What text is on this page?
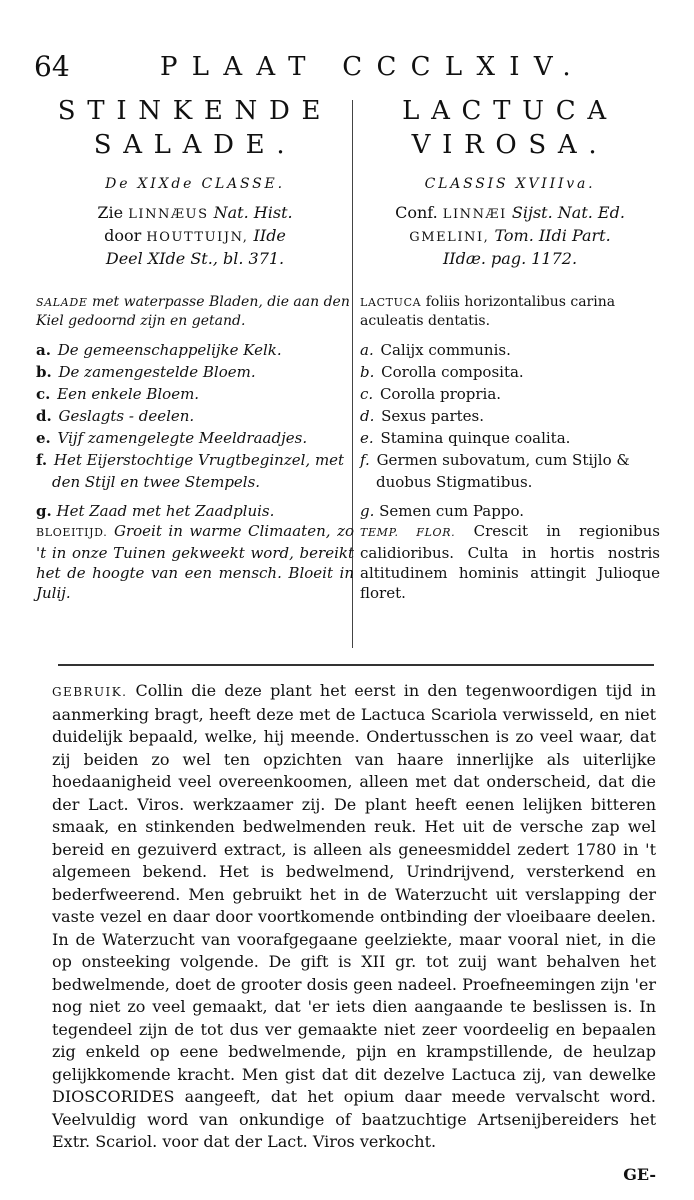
64	PLAAT CCCLXIV.
STINKENDE
SALADE.
De XIXde CLASSE.
Zie LINNÆUS Nat. Hist.
door HOUTTUIJN, IIde
Deel XIde St., bl. 371.
SALADE met waterpasse Bladen, die aan den Kiel gedoornd zijn en getand.
a. De gemeenschappelijke Kelk.
b. De zamengestelde Bloem.
c. Een enkele Bloem.
d. Geslagts - deelen.
e. Vijf zamengelegte Meeldraadjes.
f. Het Eijerstochtige Vrugtbeginzel, met den Stijl en twee Stempels.
g. Het Zaad met het Zaadpluis.
BLOEITIJD. Groeit in warme Climaaten, zo 't in onze Tuinen gekweekt word, bereikt het de hoogte van een mensch. Bloeit in Julij.
LACTUCA
VIROSA.
CLASSIS XVIIIva.
Conf. LINNÆI Sijst. Nat. Ed.
GMELINI, Tom. IIdi Part.
IIdæ. pag. 1172.
LACTUCA foliis horizontalibus carina aculeatis dentatis.
a. Calijx communis.
b. Corolla composita.
c. Corolla propria.
d. Sexus partes.
e. Stamina quinque coalita.
f. Germen subovatum, cum Stijlo & duobus Stigmatibus.
g. Semen cum Pappo.
TEMP. FLOR. Crescit in regionibus calidioribus. Culta in hortis nostris altitudinem hominis attingit Julioque floret.
GEBRUIK. Collin die deze plant het eerst in den tegenwoordigen tijd in aanmerking bragt, heeft deze met de Lactuca Scariola verwisseld, en niet duidelijk bepaald, welke, hij meende. Ondertusschen is zo veel waar, dat zij beiden zo wel ten opzichten van haare innerlijke als uiterlijke hoedaanigheid veel overeenkoomen, alleen met dat onderscheid, dat die der Lact. Viros. werkzaamer zij. De plant heeft eenen lelijken bitteren smaak, en stinkenden bedwelmenden reuk. Het uit de versche zap wel bereid en gezuiverd extract, is alleen als geneesmiddel zedert 1780 in 't algemeen bekend. Het is bedwelmend, Urindrijvend, versterkend en bederfweerend. Men gebruikt het in de Waterzucht uit verslapping der vaste vezel en daar door voortkomende ontbinding der vloeibaare deelen. In de Waterzucht van voorafgegaane geelziekte, maar vooral niet, in die op onsteeking volgende. De gift is XII gr. tot zuij want behalven het bedwelmende, doet de grooter dosis geen nadeel. Proefneemingen zijn 'er nog niet zo veel gemaakt, dat 'er iets dien aangaande te beslissen is. In tegendeel zijn de tot dus ver gemaakte niet zeer voordeelig en bepaalen zig enkeld op eene bedwelmende, pijn en krampstillende, de heulzap gelijkkomende kracht. Men gist dat dit dezelve Lactuca zij, van dewelke DIOSCORIDES aangeeft, dat het opium daar meede vervalscht word. Veelvuldig word van onkundige of baatzuchtige Artsenijbereiders het Extr. Scariol. voor dat der Lact. Viros verkocht.
GE-
